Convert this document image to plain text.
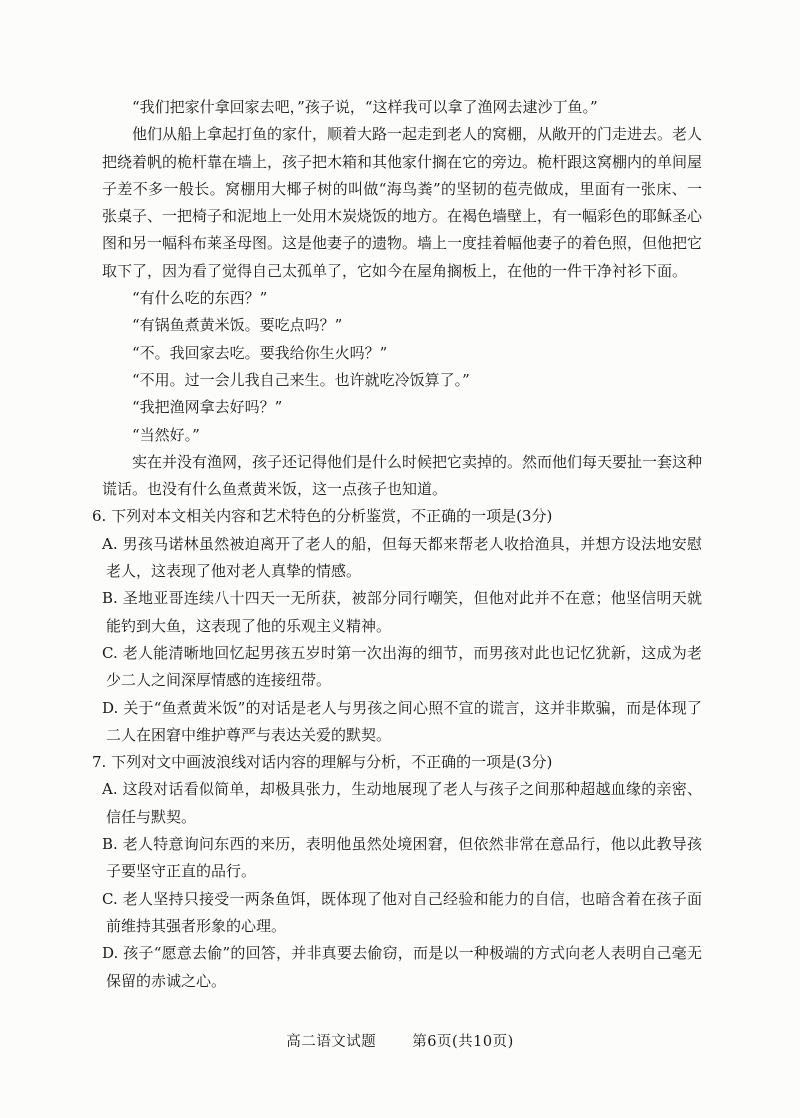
“我们把家什拿回家去吧，”孩子说，“这样我可以拿了渔网去逮沙丁鱼。”

他们从船上拿起打鱼的家什，顺着大路一起走到老人的窝棚，从敞开的门走进去。老人把绕着帆的桅杆靠在墙上，孩子把木箱和其他家什搁在它的旁边。桅杆跟这窝棚内的单间屋子差不多一般长。窝棚用大椰子树的叫做“海鸟粪”的坚韧的苞壳做成，里面有一张床、一张桌子、一把椅子和泥地上一处用木炭烧饭的地方。在褐色墙壁上，有一幅彩色的耶稣圣心图和另一幅科布莱圣母图。这是他妻子的遗物。墙上一度挂着幅他妻子的着色照，但他把它取下了，因为看了觉得自己太孤单了，它如今在屋角搁板上，在他的一件干净衬衫下面。

“有什么吃的东西？”

“有锅鱼煮黄米饭。要吃点吗？”

“不。我回家去吃。要我给你生火吗？”

“不用。过一会儿我自己来生。也许就吃冷饭算了。”

“我把渔网拿去好吗？”

“当然好。”

实在并没有渔网，孩子还记得他们是什么时候把它卖掉的。然而他们每天要扯一套这种谎话。也没有什么鱼煮黄米饭，这一点孩子也知道。

6. 下列对本文相关内容和艺术特色的分析鉴赏，不正确的一项是(3分)

A. 男孩马诺林虽然被迫离开了老人的船，但每天都来帮老人收拾渔具，并想方设法地安慰老人，这表现了他对老人真挚的情感。

B. 圣地亚哥连续八十四天一无所获，被部分同行嘲笑，但他对此并不在意；他坚信明天就能钓到大鱼，这表现了他的乐观主义精神。

C. 老人能清晰地回忆起男孩五岁时第一次出海的细节，而男孩对此也记忆犹新，这成为老少二人之间深厚情感的连接纽带。

D. 关于“鱼煮黄米饭”的对话是老人与男孩之间心照不宣的谎言，这并非欺骗，而是体现了二人在困窘中维护尊严与表达关爱的默契。

7. 下列对文中画波浪线对话内容的理解与分析，不正确的一项是(3分)

A. 这段对话看似简单，却极具张力，生动地展现了老人与孩子之间那种超越血缘的亲密、信任与默契。

B. 老人特意询问东西的来历，表明他虽然处境困窘，但依然非常在意品行，他以此教导孩子要坚守正直的品行。

C. 老人坚持只接受一两条鱼饵，既体现了他对自己经验和能力的自信，也暗含着在孩子面前维持其强者形象的心理。

D. 孩子“愿意去偷”的回答，并非真要去偷窃，而是以一种极端的方式向老人表明自己毫无保留的赤诚之心。

高二语文试题 第6页(共10页)
